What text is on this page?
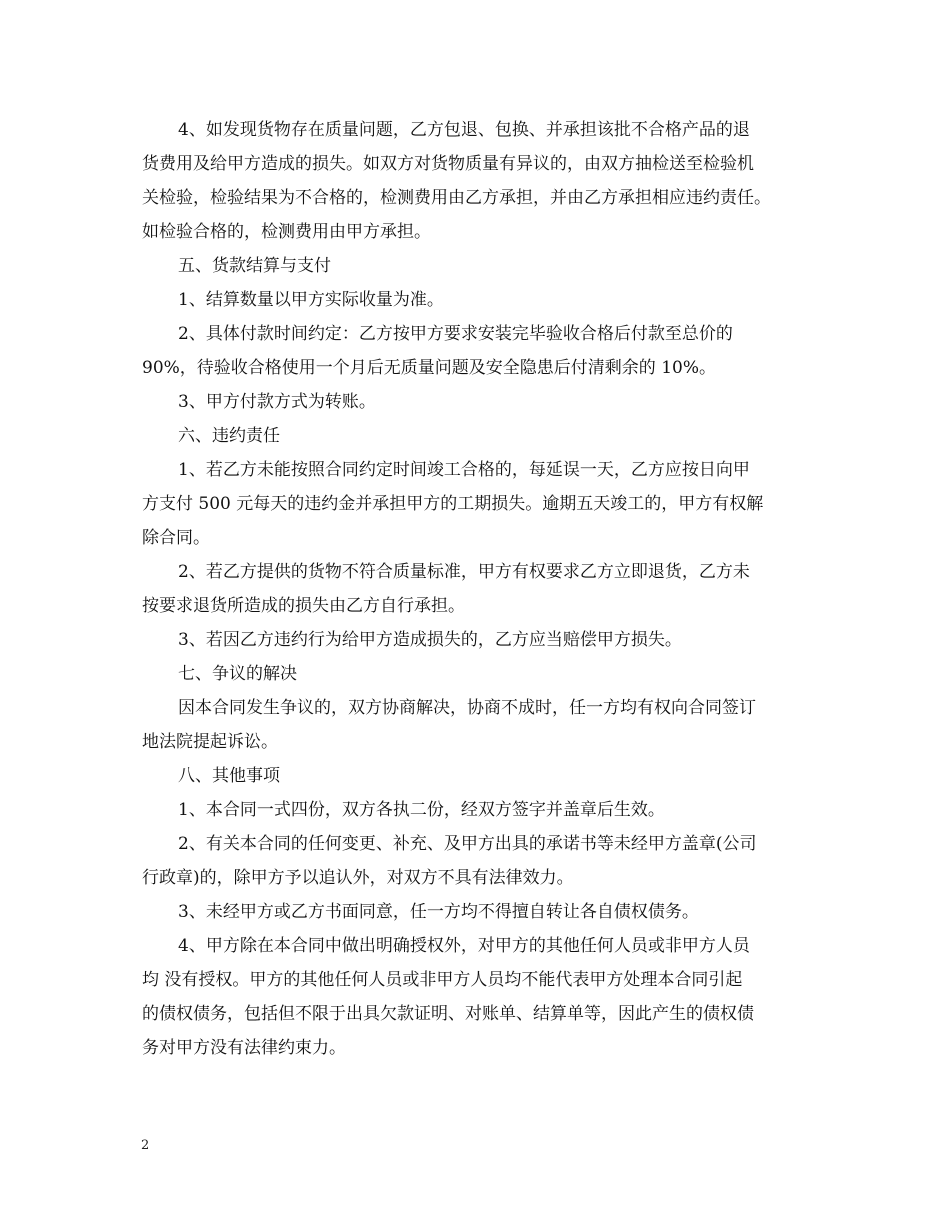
4、如发现货物存在质量问题，乙方包退、包换、并承担该批不合格产品的退
货费用及给甲方造成的损失。如双方对货物质量有异议的，由双方抽检送至检验机
关检验，检验结果为不合格的，检测费用由乙方承担，并由乙方承担相应违约责任。
如检验合格的，检测费用由甲方承担。
五、货款结算与支付
1、结算数量以甲方实际收量为准。
2、具体付款时间约定：乙方按甲方要求安装完毕验收合格后付款至总价的
90%，待验收合格使用一个月后无质量问题及安全隐患后付清剩余的 10%。
3、甲方付款方式为转账。
六、违约责任
1、若乙方未能按照合同约定时间竣工合格的，每延误一天，乙方应按日向甲
方支付 500 元每天的违约金并承担甲方的工期损失。逾期五天竣工的，甲方有权解
除合同。
2、若乙方提供的货物不符合质量标准，甲方有权要求乙方立即退货，乙方未
按要求退货所造成的损失由乙方自行承担。
3、若因乙方违约行为给甲方造成损失的，乙方应当赔偿甲方损失。
七、争议的解决
因本合同发生争议的，双方协商解决，协商不成时，任一方均有权向合同签订
地法院提起诉讼。
八、其他事项
1、本合同一式四份，双方各执二份，经双方签字并盖章后生效。
2、有关本合同的任何变更、补充、及甲方出具的承诺书等未经甲方盖章(公司
行政章)的，除甲方予以追认外，对双方不具有法律效力。
3、未经甲方或乙方书面同意，任一方均不得擅自转让各自债权债务。
4、甲方除在本合同中做出明确授权外，对甲方的其他任何人员或非甲方人员
均 没有授权。甲方的其他任何人员或非甲方人员均不能代表甲方处理本合同引起
的债权债务，包括但不限于出具欠款证明、对账单、结算单等，因此产生的债权债
务对甲方没有法律约束力。
2
